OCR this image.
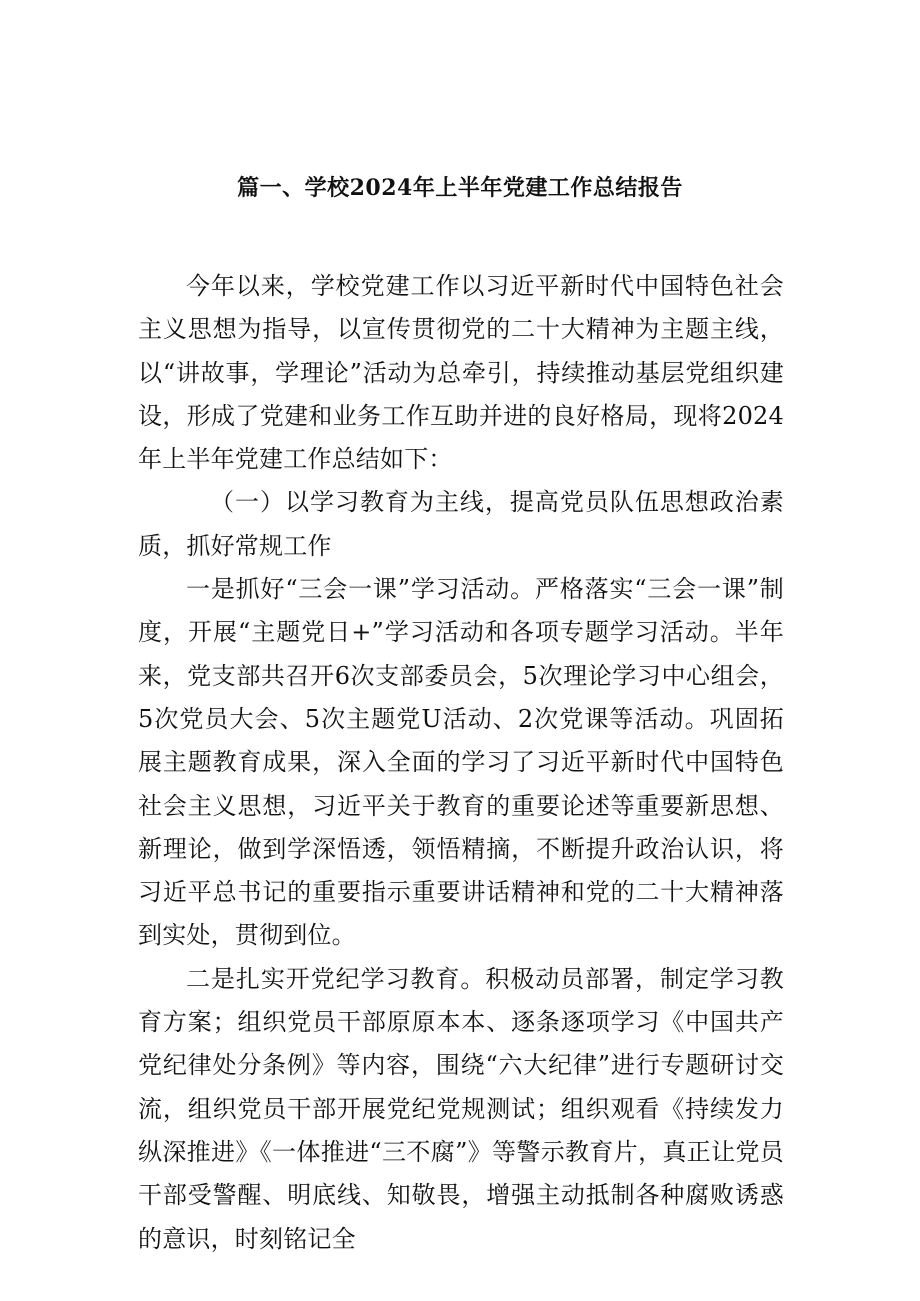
篇一、学校2024年上半年党建工作总结报告

今年以来，学校党建工作以习近平新时代中国特色社会主义思想为指导，以宣传贯彻党的二十大精神为主题主线，以“讲故事，学理论”活动为总牵引，持续推动基层党组织建设，形成了党建和业务工作互助并进的良好格局，现将2024年上半年党建工作总结如下：

（一）以学习教育为主线，提高党员队伍思想政治素质，抓好常规工作

一是抓好“三会一课”学习活动。严格落实“三会一课”制度，开展“主题党日+”学习活动和各项专题学习活动。半年来，党支部共召开6次支部委员会，5次理论学习中心组会，5次党员大会、5次主题党U活动、2次党课等活动。巩固拓展主题教育成果，深入全面的学习了习近平新时代中国特色社会主义思想，习近平关于教育的重要论述等重要新思想、新理论，做到学深悟透，领悟精摘，不断提升政治认识，将习近平总书记的重要指示重要讲话精神和党的二十大精神落到实处，贯彻到位。

二是扎实开党纪学习教育。积极动员部署，制定学习教育方案；组织党员干部原原本本、逐条逐项学习《中国共产党纪律处分条例》等内容，围绕“六大纪律”进行专题研讨交流，组织党员干部开展党纪党规测试；组织观看《持续发力纵深推进》《一体推进“三不腐”》等警示教育片，真正让党员干部受警醒、明底线、知敬畏，增强主动抵制各种腐败诱惑的意识，时刻铭记全
